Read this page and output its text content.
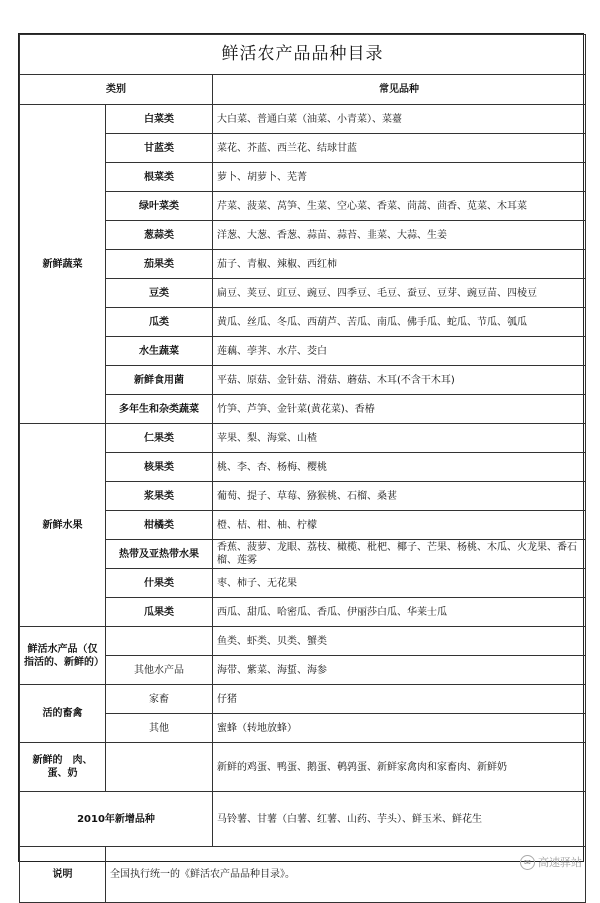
鲜活农产品品种目录		
类别		常见品种
新鲜蔬菜	白菜类	大白菜、普通白菜（油菜、小青菜）、菜薹
	甘蓝类	菜花、芥蓝、西兰花、结球甘蓝
	根菜类	萝卜、胡萝卜、芜菁
	绿叶菜类	芹菜、菠菜、莴笋、生菜、空心菜、香菜、茼蒿、茴香、苋菜、木耳菜
	葱蒜类	洋葱、大葱、香葱、蒜苗、蒜苔、韭菜、大蒜、生姜
	茄果类	茄子、青椒、辣椒、西红柿
	豆类	扁豆、荚豆、豇豆、豌豆、四季豆、毛豆、蚕豆、豆芽、豌豆苗、四棱豆
	瓜类	黄瓜、丝瓜、冬瓜、西葫芦、苦瓜、南瓜、佛手瓜、蛇瓜、节瓜、瓠瓜
	水生蔬菜	莲藕、荸荠、水芹、茭白
	新鲜食用菌	平菇、原菇、金针菇、滑菇、蘑菇、木耳(不含干木耳)
	多年生和杂类蔬菜	竹笋、芦笋、金针菜(黄花菜)、香椿
新鲜水果	仁果类	苹果、梨、海棠、山楂
	核果类	桃、李、杏、杨梅、樱桃
	浆果类	葡萄、提子、草莓、猕猴桃、石榴、桑葚
	柑橘类	橙、桔、柑、柚、柠檬
	热带及亚热带水果	香蕉、菠萝、龙眼、荔枝、橄榄、枇杷、椰子、芒果、杨桃、木瓜、火龙果、番石榴、莲雾
	什果类	枣、柿子、无花果
	瓜果类	西瓜、甜瓜、哈密瓜、香瓜、伊丽莎白瓜、华莱士瓜
鲜活水产品（仅指活的、新鲜的）		鱼类、虾类、贝类、蟹类
	其他水产品	海带、紫菜、海蜇、海参
活的畜禽	家畜	仔猪
	其他	蜜蜂（转地放蜂）
新鲜的　肉、蛋、奶		新鲜的鸡蛋、鸭蛋、鹅蛋、鹌鹑蛋、新鲜家禽肉和家畜肉、新鲜奶
2010年新增品种		马铃薯、甘薯（白薯、红薯、山药、芋头）、鲜玉米、鲜花生
说明	全国执行统一的《鲜活农产品品种目录》。	
✉ 高速驿站
